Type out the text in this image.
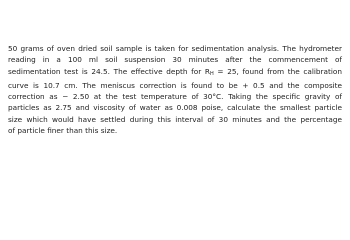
50 grams of oven dried soil sample is taken for sedimentation analysis. The hydrometer
reading in a 100 ml soil suspension 30 minutes after the commencement of
sedimentation test is 24.5. The effective depth for $R_H = 25$, found from the calibration
curve is 10.7 cm. The meniscus correction is found to be + 0.5 and the composite
correction as − 2.50 at the test temperature of 30°C. Taking the specific gravity of
particles as 2.75 and viscosity of water as 0.008 poise, calculate the smallest particle
size which would have settled during this interval of 30 minutes and the percentage
of particle finer than this size.
